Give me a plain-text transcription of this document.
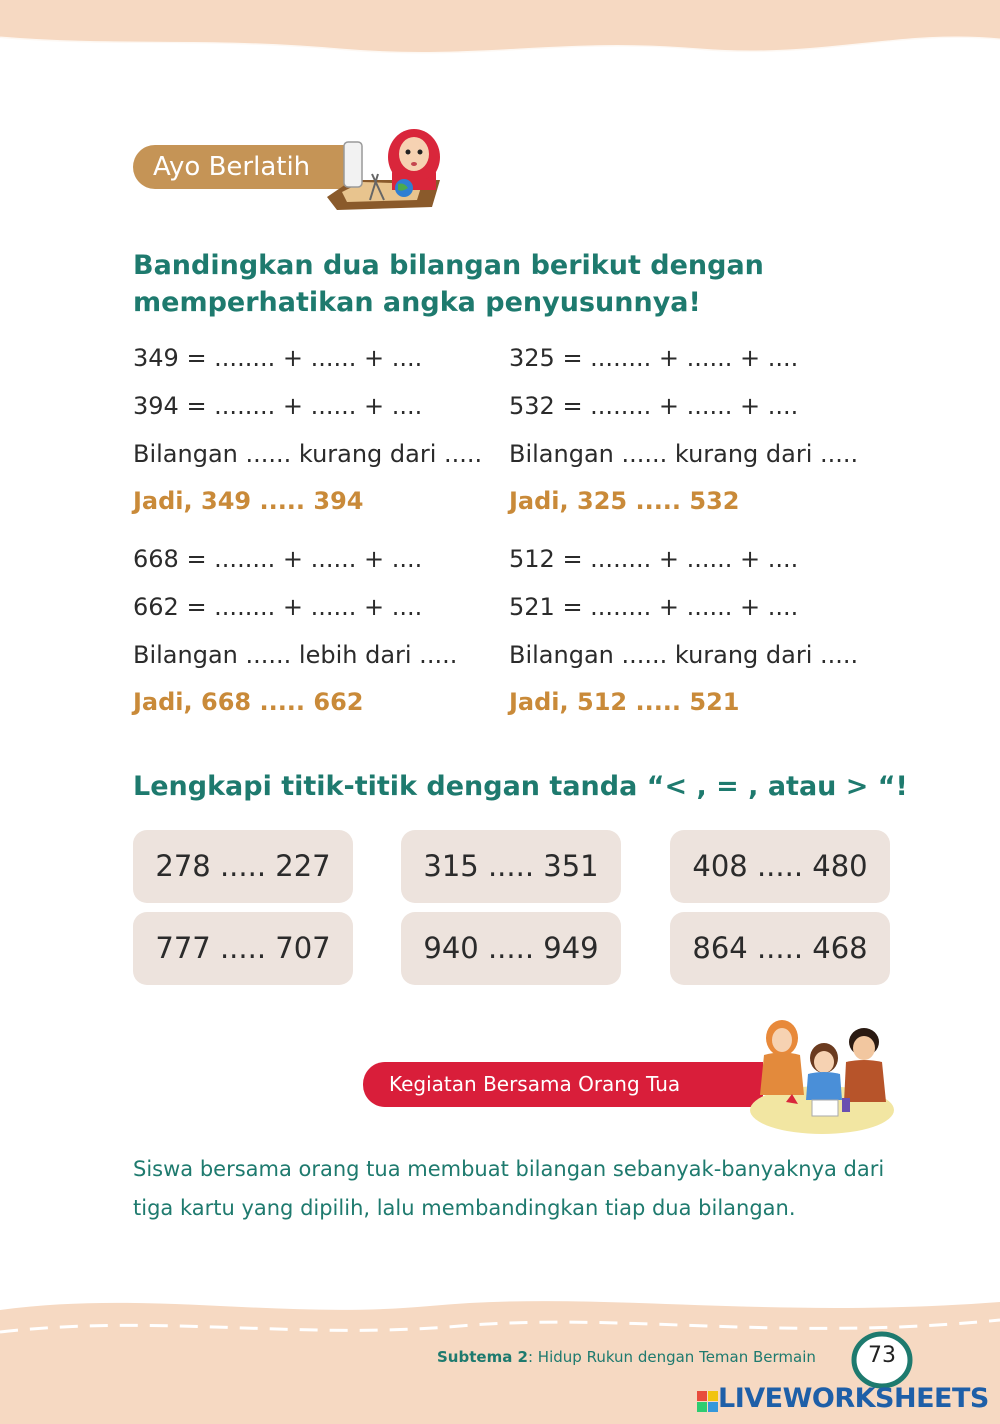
Ayo Berlatih
Bandingkan dua bilangan berikut dengan memperhatikan angka penyusunnya!
349 = ........ + ...... + ....
394 = ........ + ...... + ....
Bilangan ...... kurang dari .....
Jadi, 349 ..... 394
325 = ........ + ...... + ....
532 = ........ + ...... + ....
Bilangan ...... kurang dari .....
Jadi, 325 ..... 532
668 = ........ + ...... + ....
662 = ........ + ...... + ....
Bilangan ...... lebih dari .....
Jadi, 668 ..... 662
512 = ........ + ...... + ....
521 = ........ + ...... + ....
Bilangan ...... kurang dari .....
Jadi, 512 ..... 521
Lengkapi titik-titik dengan tanda “< , = , atau > “!
278 ..... 227	315 ..... 351	408 ..... 480
777 ..... 707	940 ..... 949	864 ..... 468
Kegiatan Bersama Orang Tua
Siswa bersama orang tua membuat bilangan sebanyak-banyaknya dari tiga kartu yang dipilih, lalu membandingkan tiap dua bilangan.
Subtema 2: Hidup Rukun dengan Teman Bermain	73
LIVEWORKSHEETS
